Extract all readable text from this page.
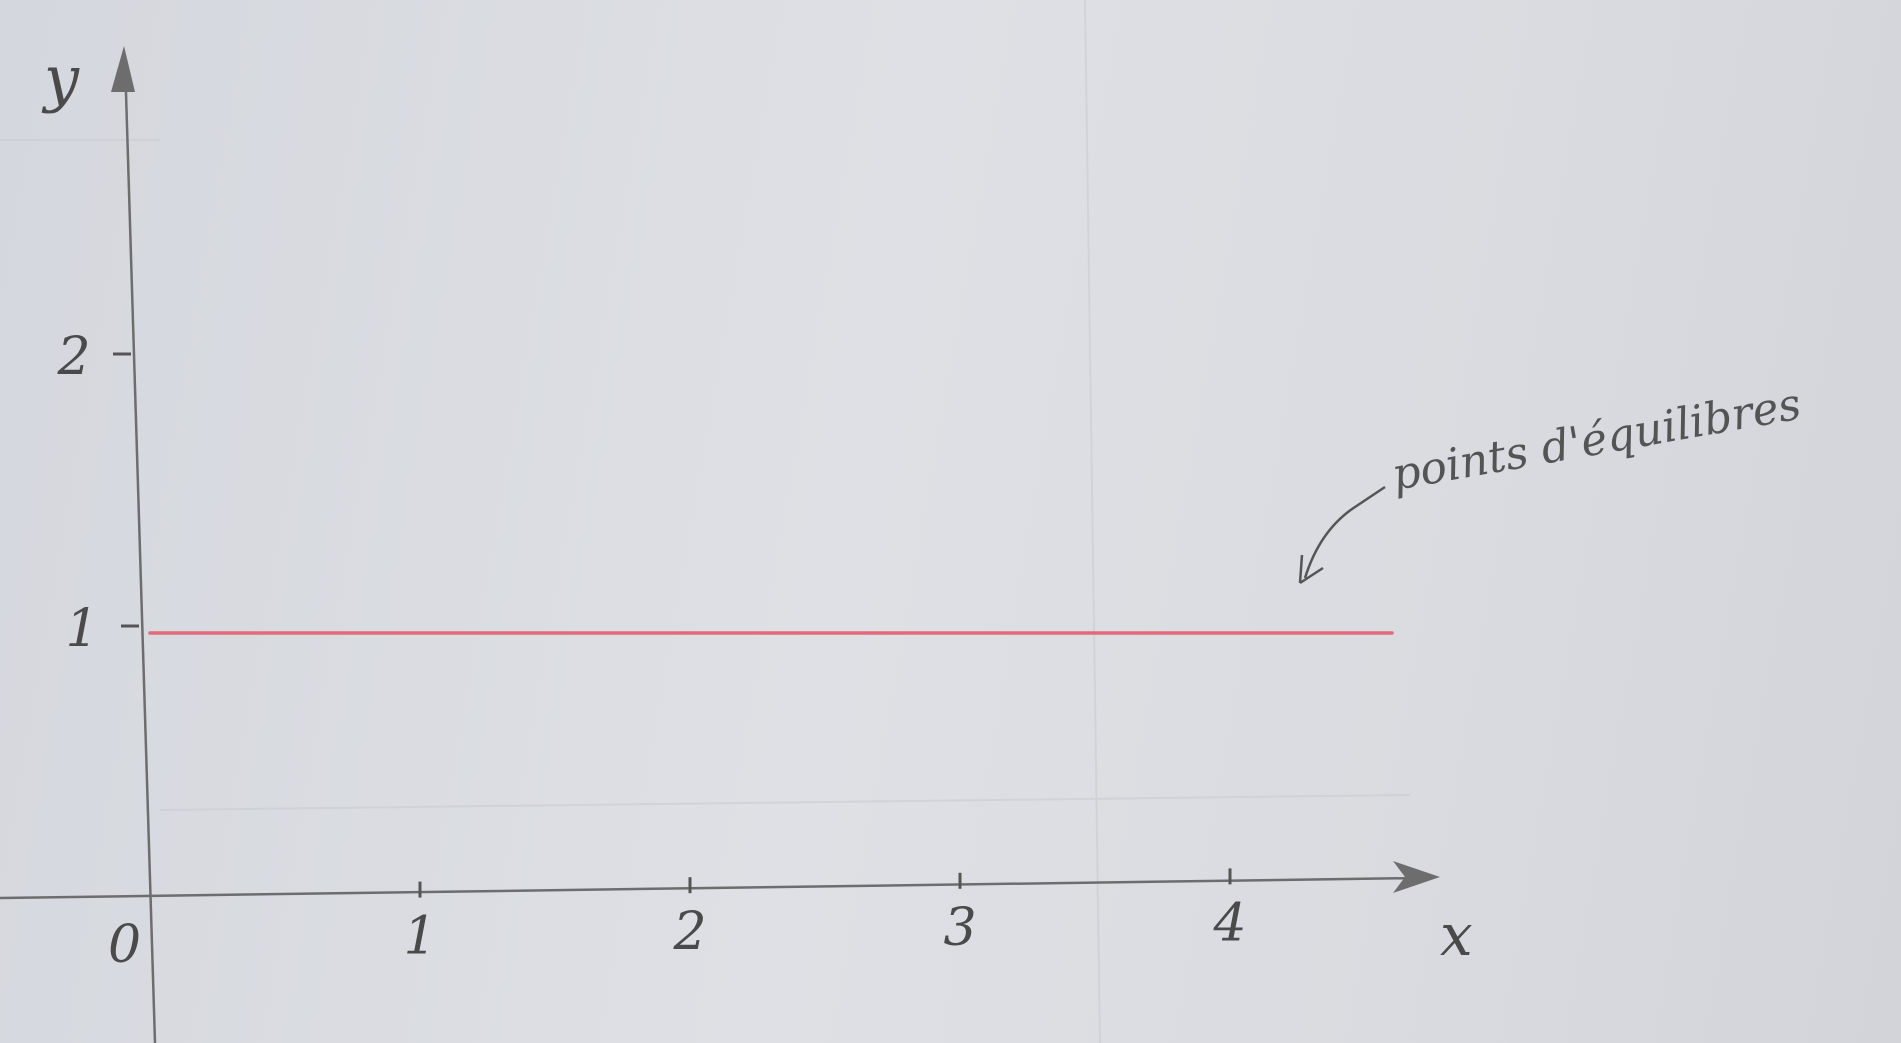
1	2	3	4
1
2
y
x
0
points d'équilibres
